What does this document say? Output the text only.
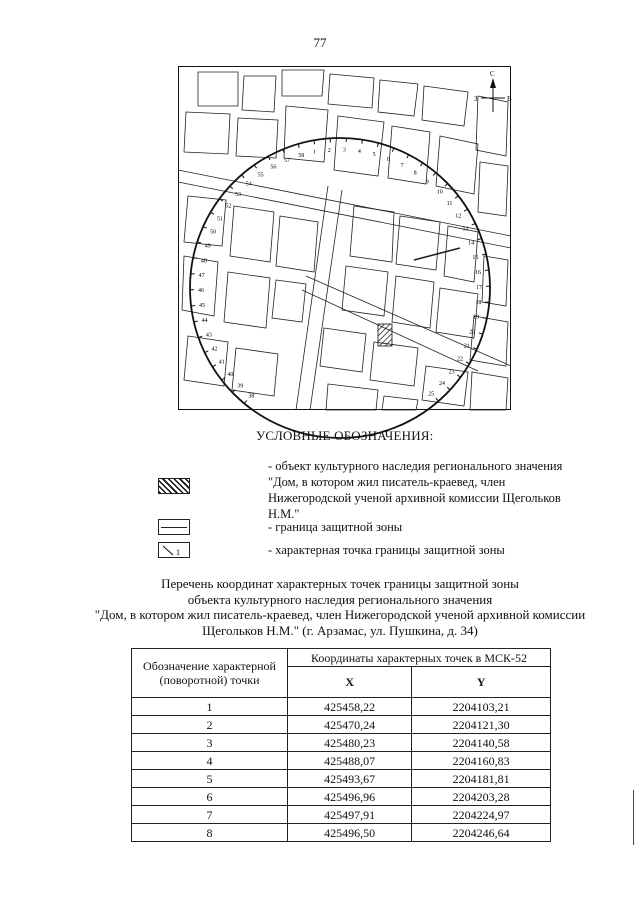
77
1 2 3 4
5
6
7
8
9
10
11
12
13
14
15
16
17
18
19
20
21
22
23
24
25
38
39
40
41
42
43
44
45
46
47
48
49
50
51
52
53
54
55
56
57
58
С
З	В
УСЛОВНЫЕ ОБОЗНАЧЕНИЯ:
- объект культурного наследия регионального значения "Дом, в котором жил писатель-краевед, член Нижегородской ученой архивной комиссии Щегольков Н.М."
- граница защитной зоны
1	- характерная точка границы защитной зоны
Перечень координат характерных точек границы защитной зоны
объекта культурного наследия регионального значения
"Дом, в котором жил писатель-краевед, член Нижегородской ученой архивной комиссии
Щегольков Н.М." (г. Арзамас, ул. Пушкина, д. 34)
Обозначение характерной (поворотной) точки	Координаты характерных точек в МСК-52	
	X	Y
1	425458,22	2204103,21
2	425470,24	2204121,30
3	425480,23	2204140,58
4	425488,07	2204160,83
5	425493,67	2204181,81
6	425496,96	2204203,28
7	425497,91	2204224,97
8	425496,50	2204246,64
